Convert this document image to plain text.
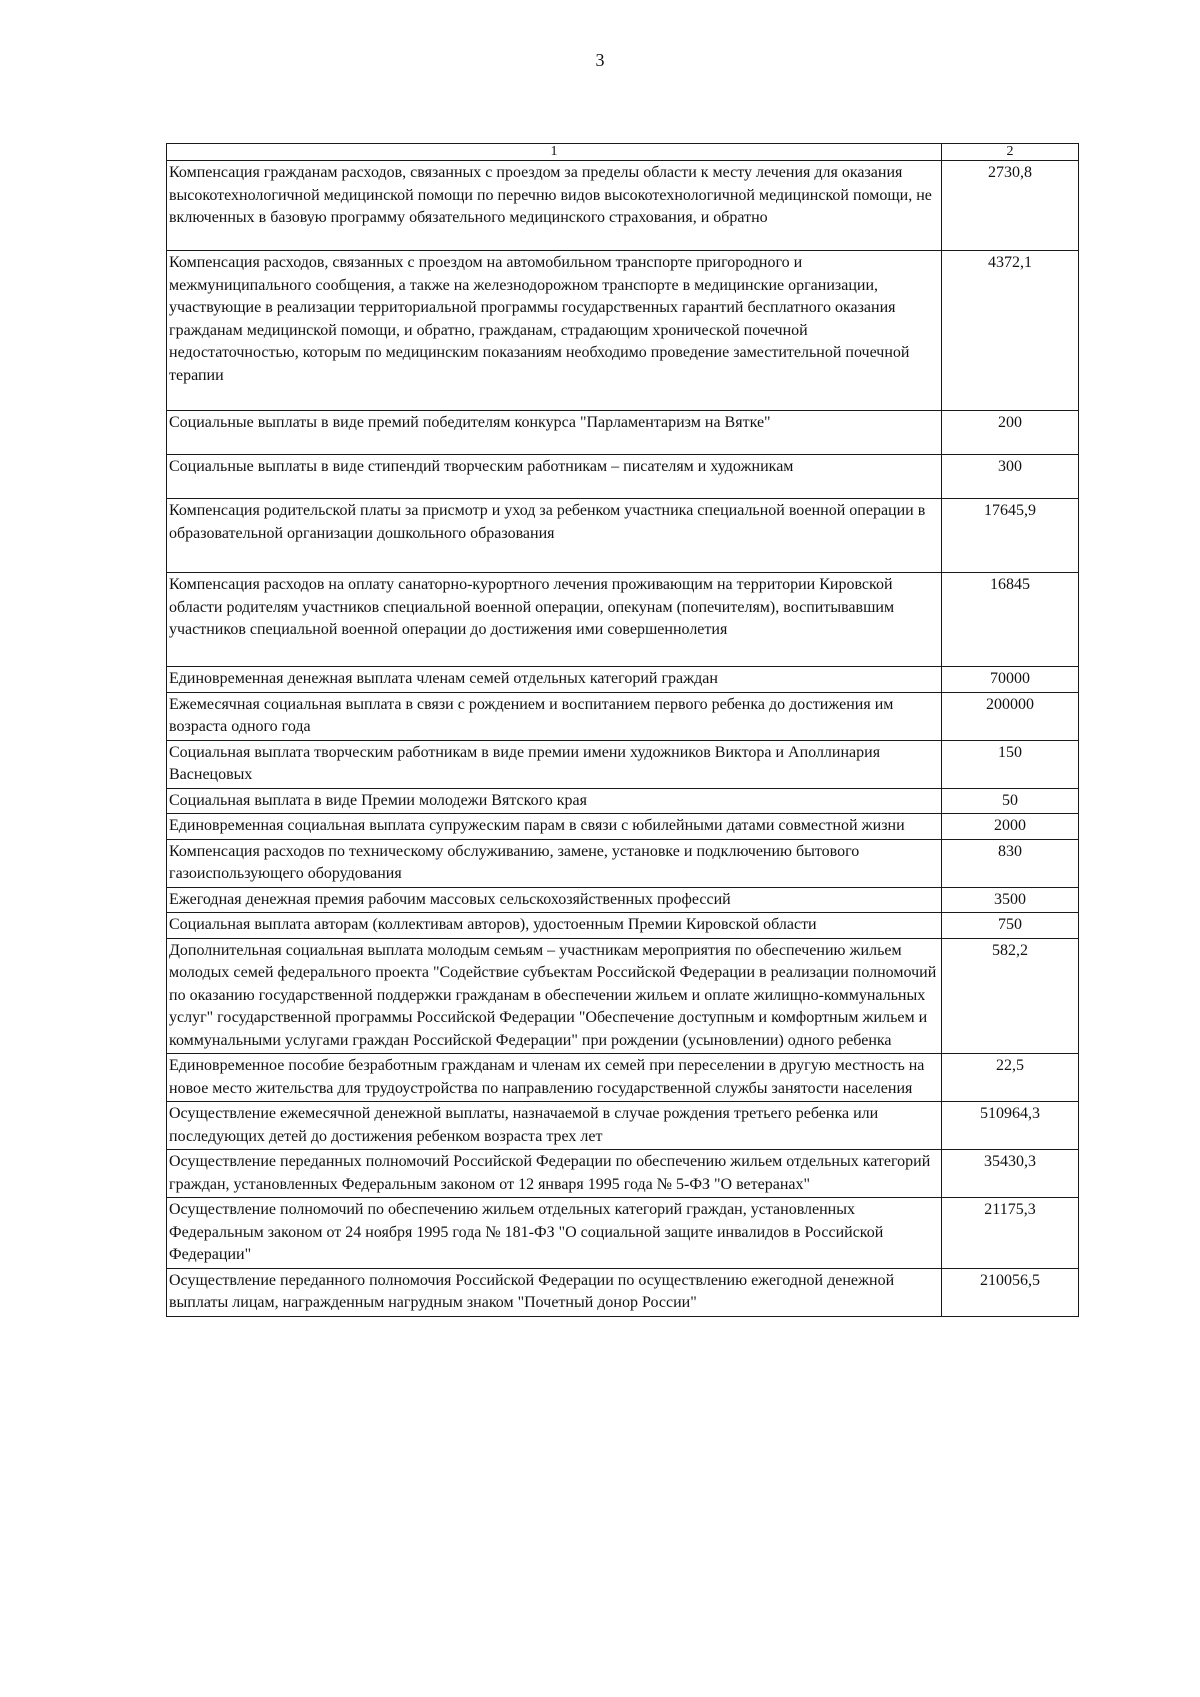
3
1	2
Компенсация гражданам расходов, связанных с проездом за пределы области к месту лечения для оказания высокотехнологичной медицинской помощи по перечню видов высокотехнологичной медицинской помощи, не включенных в базовую программу обязательного медицинского страхования, и обратно	2730,8
Компенсация расходов, связанных с проездом на автомобильном транспорте пригородного и межмуниципального сообщения, а также на железнодорожном транспорте в медицинские организации, участвующие в реализации территориальной программы государственных гарантий бесплатного оказания гражданам медицинской помощи, и обратно, гражданам, страдающим хронической почечной недостаточностью, которым по медицинским показаниям необходимо проведение заместительной почечной терапии	4372,1
Социальные выплаты в виде премий победителям конкурса "Парламентаризм на Вятке"	200
Социальные выплаты в виде стипендий творческим работникам – писателям и художникам	300
Компенсация родительской платы за присмотр и уход за ребенком участника специальной военной операции в образовательной организации дошкольного образования	17645,9
Компенсация расходов на оплату санаторно-курортного лечения проживающим на территории Кировской области родителям участников специальной военной операции, опекунам (попечителям), воспитывавшим участников специальной военной операции до достижения ими совершеннолетия	16845
Единовременная денежная выплата членам семей отдельных категорий граждан	70000
Ежемесячная социальная выплата в связи с рождением и воспитанием первого ребенка до достижения им возраста одного года	200000
Социальная выплата творческим работникам в виде премии имени художников Виктора и Аполлинария Васнецовых	150
Социальная выплата в виде Премии молодежи Вятского края	50
Единовременная социальная выплата супружеским парам в связи с юбилейными датами совместной жизни	2000
Компенсация расходов по техническому обслуживанию, замене, установке и подключению бытового газоиспользующего оборудования	830
Ежегодная денежная премия рабочим массовых сельскохозяйственных профессий	3500
Социальная выплата авторам (коллективам авторов), удостоенным Премии Кировской области	750
Дополнительная социальная выплата молодым семьям – участникам мероприятия по обеспечению жильем молодых семей федерального проекта "Содействие субъектам Российской Федерации в реализации полномочий по оказанию государственной поддержки гражданам в обеспечении жильем и оплате жилищно-коммунальных услуг" государственной программы Российской Федерации "Обеспечение доступным и комфортным жильем и коммунальными услугами граждан Российской Федерации" при рождении (усыновлении) одного ребенка	582,2
Единовременное пособие безработным гражданам и членам их семей при переселении в другую местность на новое место жительства для трудоустройства по направлению государственной службы занятости населения	22,5
Осуществление ежемесячной денежной выплаты, назначаемой в случае рождения третьего ребенка или последующих детей до достижения ребенком возраста трех лет	510964,3
Осуществление переданных полномочий Российской Федерации по обеспечению жильем отдельных категорий граждан, установленных Федеральным законом от 12 января 1995 года № 5-ФЗ "О ветеранах"	35430,3
Осуществление полномочий по обеспечению жильем отдельных категорий граждан, установленных Федеральным законом от 24 ноября 1995 года № 181-ФЗ "О социальной защите инвалидов в Российской Федерации"	21175,3
Осуществление переданного полномочия Российской Федерации по осуществлению ежегодной денежной выплаты лицам, награжденным нагрудным знаком "Почетный донор России"	210056,5
